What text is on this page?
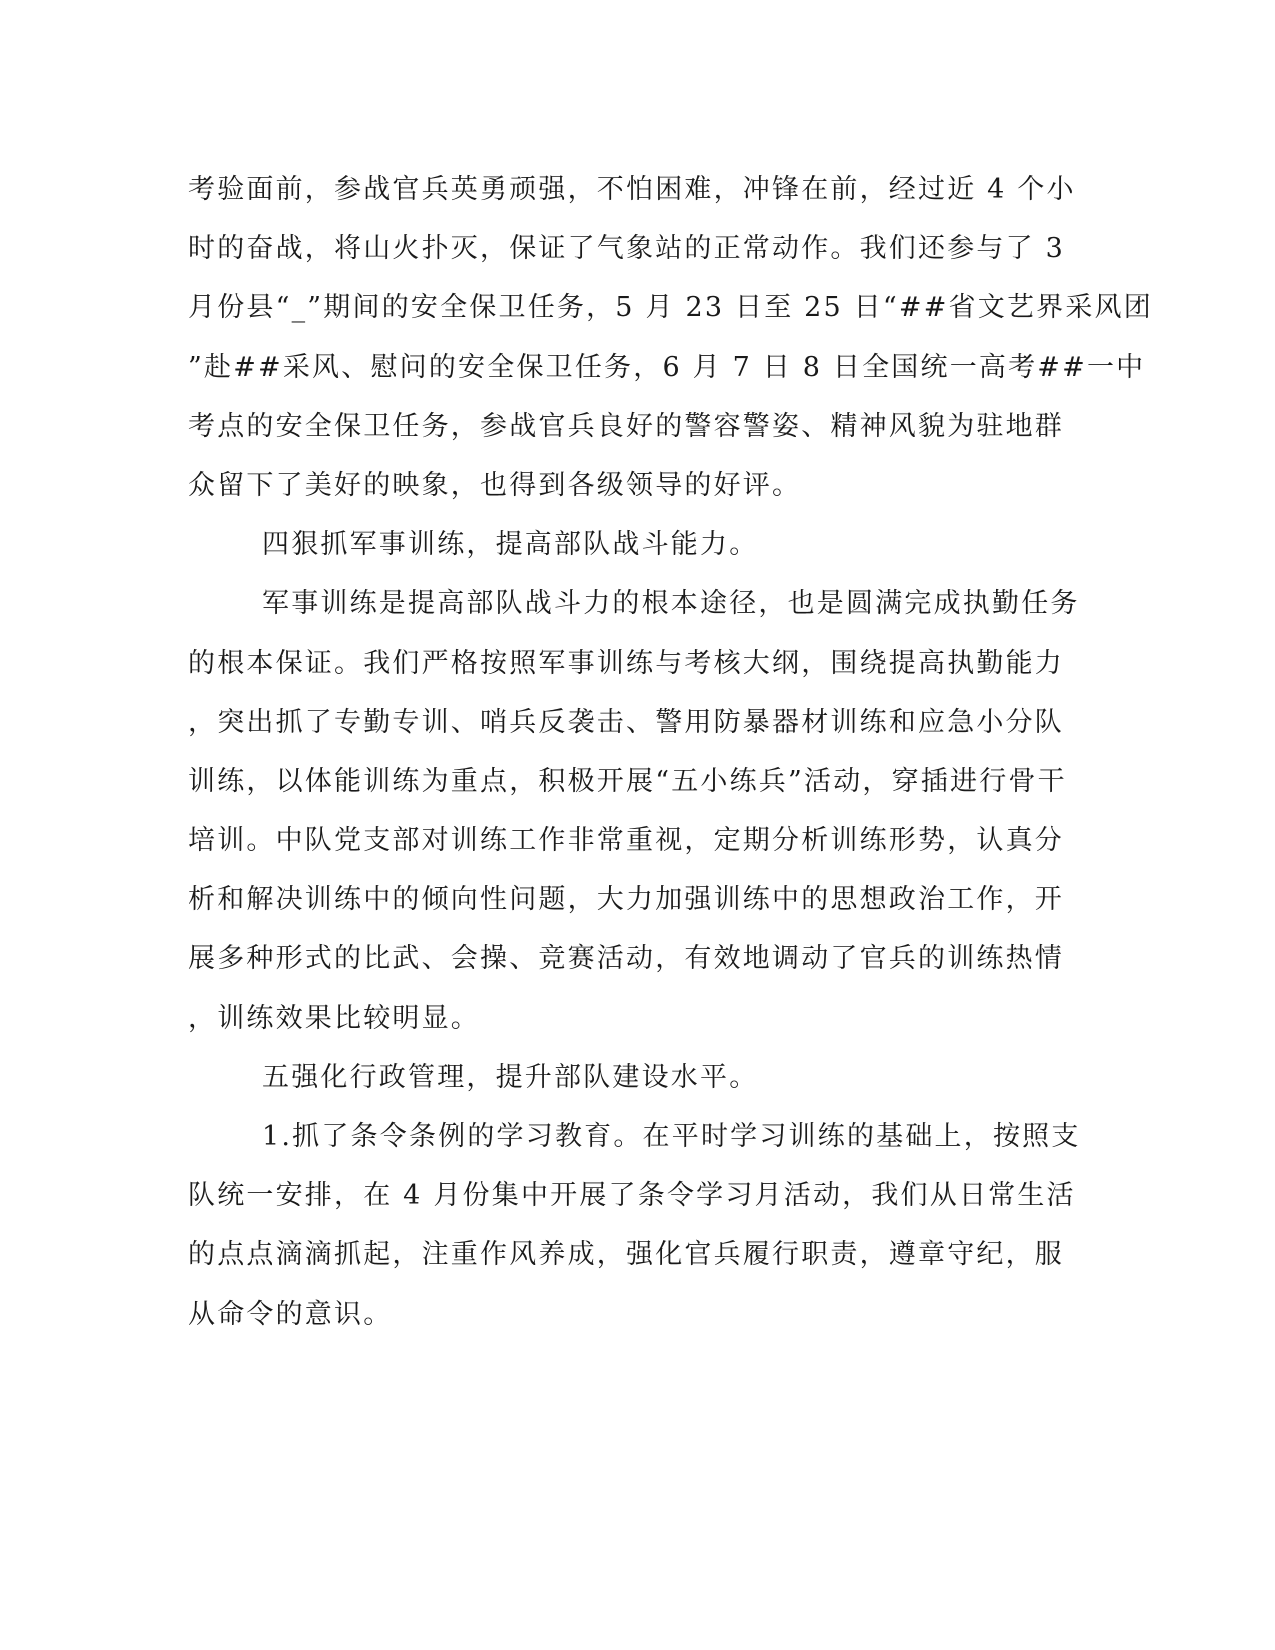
考验面前，参战官兵英勇顽强，不怕困难，冲锋在前，经过近 4 个小
时的奋战，将山火扑灭，保证了气象站的正常动作。我们还参与了 3
月份县“_”期间的安全保卫任务，5 月 23 日至 25 日“##省文艺界采风团
”赴##采风、慰问的安全保卫任务，6 月 7 日 8 日全国统一高考##一中
考点的安全保卫任务，参战官兵良好的警容警姿、精神风貌为驻地群
众留下了美好的映象，也得到各级领导的好评。
四狠抓军事训练，提高部队战斗能力。
军事训练是提高部队战斗力的根本途径，也是圆满完成执勤任务
的根本保证。我们严格按照军事训练与考核大纲，围绕提高执勤能力
，突出抓了专勤专训、哨兵反袭击、警用防暴器材训练和应急小分队
训练，以体能训练为重点，积极开展“五小练兵”活动，穿插进行骨干
培训。中队党支部对训练工作非常重视，定期分析训练形势，认真分
析和解决训练中的倾向性问题，大力加强训练中的思想政治工作，开
展多种形式的比武、会操、竞赛活动，有效地调动了官兵的训练热情
，训练效果比较明显。
五强化行政管理，提升部队建设水平。
1.抓了条令条例的学习教育。在平时学习训练的基础上，按照支
队统一安排，在 4 月份集中开展了条令学习月活动，我们从日常生活
的点点滴滴抓起，注重作风养成，强化官兵履行职责，遵章守纪，服
从命令的意识。
